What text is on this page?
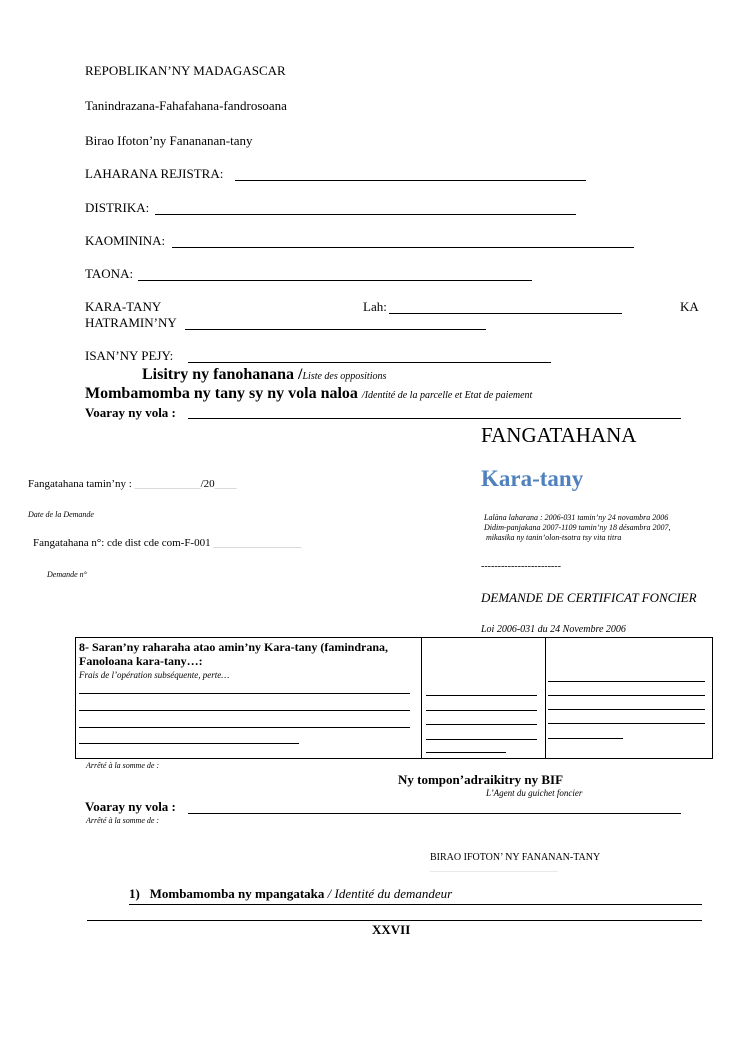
REPOBLIKAN’NY MADAGASCAR
Tanindrazana-Fahafahana-fandrosoana
Birao Ifoton’ny Fanananan-tany
LAHARANA REJISTRA:
DISTRIKA:
KAOMININA:
TAONA:
KARA-TANY	Lah:	KA
HATRAMIN’NY
ISAN’NY PEJY:
Lisitry ny fanohanana /Liste des oppositions
Mombamomba ny tany sy ny vola naloa /Identité de la parcelle et Etat de paiement
Voaray ny vola :
FANGATAHANA
Kara-tany
Lalàna laharana : 2006-031 tamin’ny 24 novambra 2006
Didim-panjakana 2007-1109 tamin’ny 18 désambra 2007,
mikasika ny tanin’olon-tsotra tsy vita titra
------------------------
DEMANDE DE CERTIFICAT FONCIER
Loi 2006-031 du 24 Novembre 2006
Fangatahana tamin’ny : ____________/20____
Date de la Demande
Fangatahana n°: cde dist cde com-F-001 ________________
Demande n°
8- Saran’ny raharaha atao amin’ny Kara-tany (famindrana, Fanoloana kara-tany…:
Frais de l’opération subséquente, perte…

Arrêté à la somme de :
Ny tompon’adraikitry ny BIF
L’Agent du guichet foncier
Voaray ny vola :
Arrêté à la somme de :
BIRAO IFOTON’ NY FANANAN-TANY
________________________________
1) Mombamomba ny mpangataka / Identité du demandeur
XXVII
